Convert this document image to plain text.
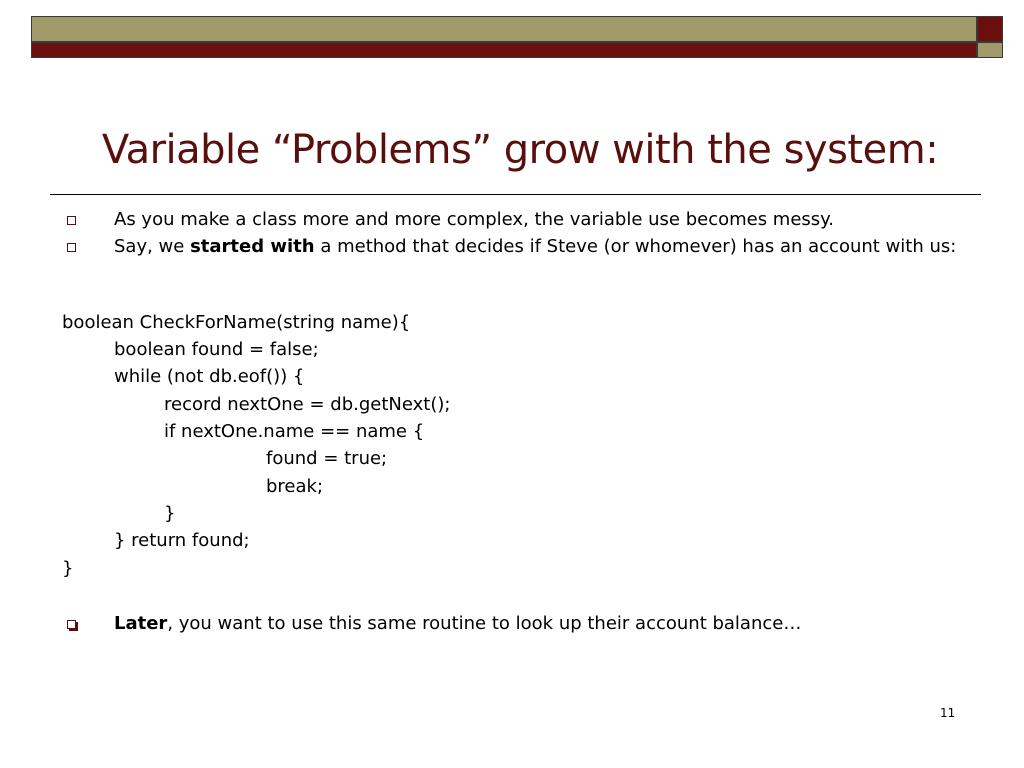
Variable “Problems” grow with the system:
As you make a class more and more complex, the variable use becomes messy.
Say, we started with a method that decides if Steve (or whomever) has an account with us:
boolean CheckForName(string name){
boolean found = false;
while (not db.eof()) {
record nextOne = db.getNext();
if nextOne.name == name {
found = true;
break;
}
} return found;
}
Later, you want to use this same routine to look up their account balance…
11
